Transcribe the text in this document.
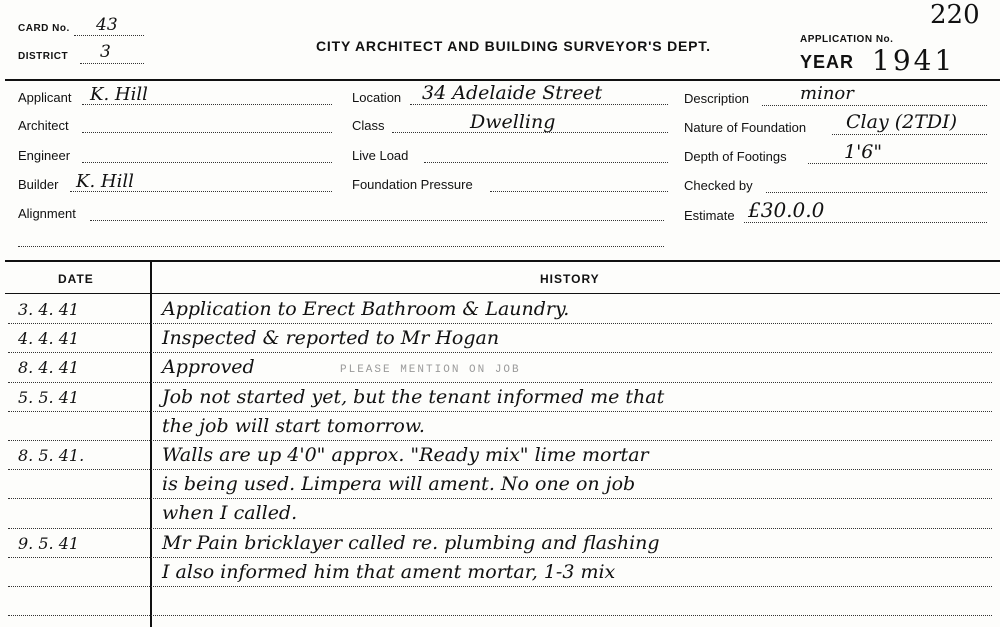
CARD No. 43
DISTRICT 3	CITY ARCHITECT AND BUILDING SURVEYOR'S DEPT.	APPLICATION No.
220
YEAR 1941
Applicant K. Hill
Architect
Engineer
Builder K. Hill
Alignment
Location 34 Adelaide Street
Class	Dwelling
Live Load
Foundation Pressure
Description	minor
Nature of Foundation Clay (2TDI)
Depth of Footings	1'6"
Checked by
Estimate £30.0.0
DATE	HISTORY
PLEASE MENTION ON JOB
3. 4. 41	Application to Erect Bathroom & Laundry.
4. 4. 41	Inspected & reported to Mr Hogan
8. 4. 41	Approved
5. 5. 41	Job not started yet, but the tenant informed me that
the job will start tomorrow.
8. 5. 41.	Walls are up 4'0" approx. "Ready mix" lime mortar
is being used. Limpera will ament. No one on job
when I called.
9. 5. 41	Mr Pain bricklayer called re. plumbing and flashing
I also informed him that ament mortar, 1-3 mix
